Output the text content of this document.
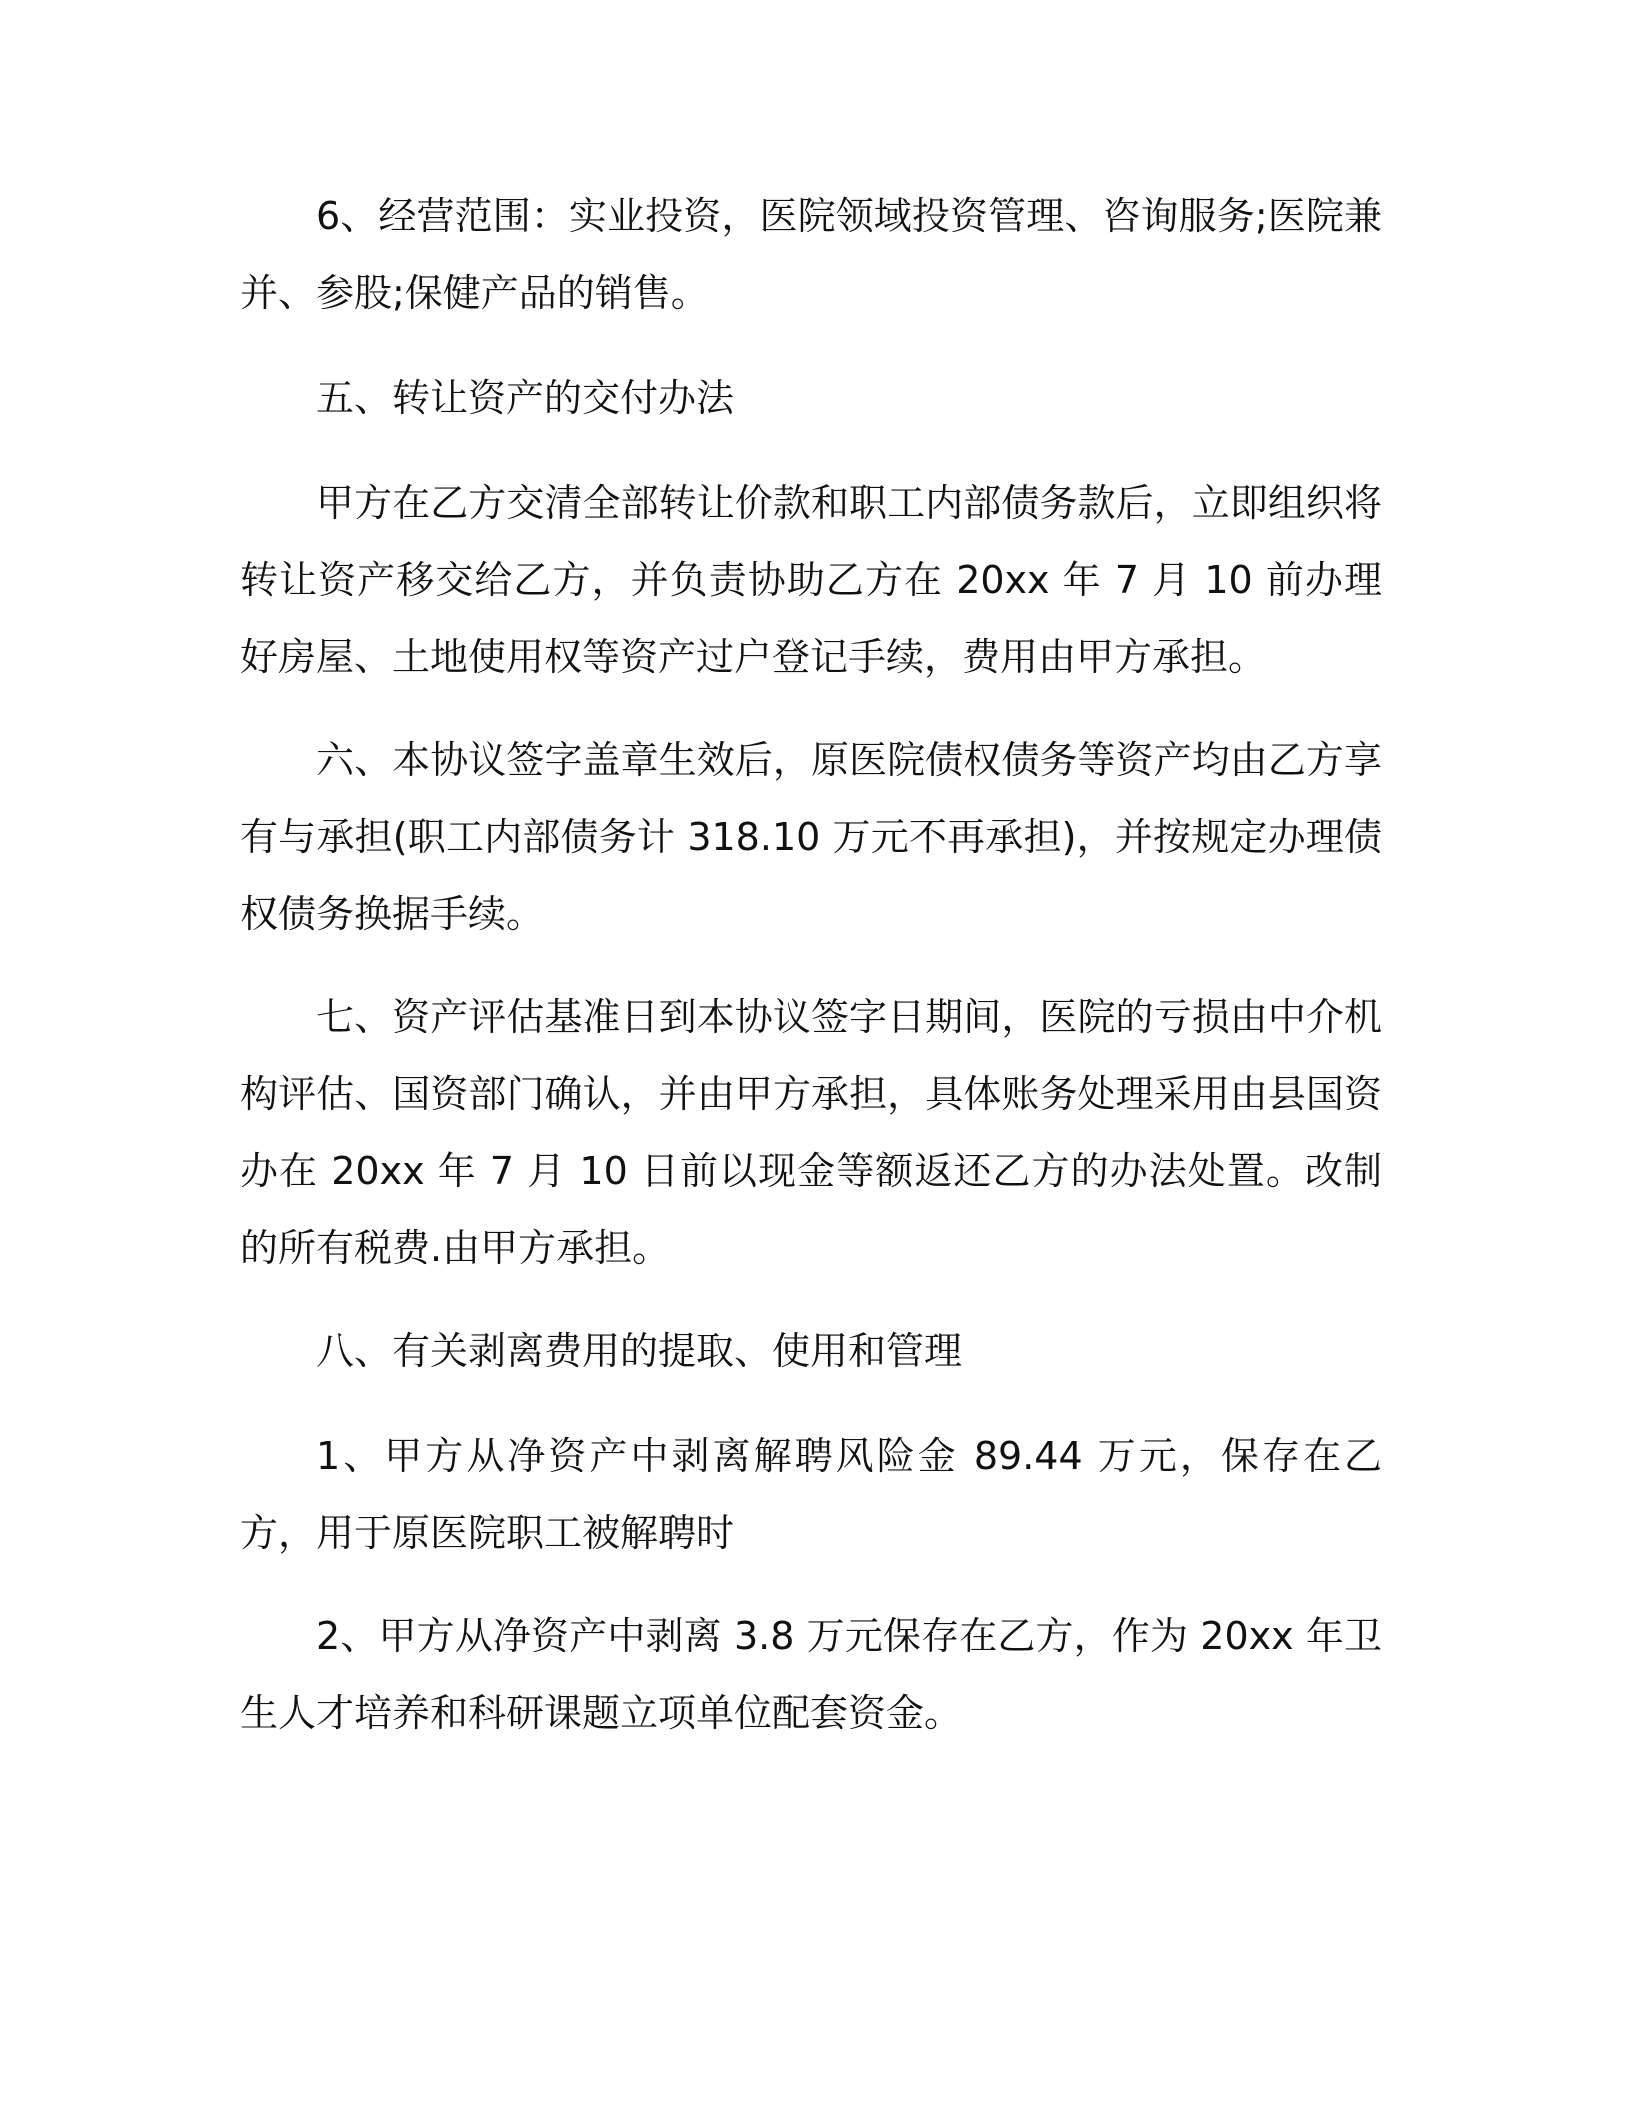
6、经营范围：实业投资，医院领域投资管理、咨询服务;医院兼并、参股;保健产品的销售。

五、转让资产的交付办法

甲方在乙方交清全部转让价款和职工内部债务款后，立即组织将转让资产移交给乙方，并负责协助乙方在 20xx 年 7 月 10 前办理好房屋、土地使用权等资产过户登记手续，费用由甲方承担。

六、本协议签字盖章生效后，原医院债权债务等资产均由乙方享有与承担(职工内部债务计 318.10 万元不再承担)，并按规定办理债权债务换据手续。

七、资产评估基准日到本协议签字日期间，医院的亏损由中介机构评估、国资部门确认，并由甲方承担，具体账务处理采用由县国资办在 20xx 年 7 月 10 日前以现金等额返还乙方的办法处置。改制的所有税费.由甲方承担。

八、有关剥离费用的提取、使用和管理

1、甲方从净资产中剥离解聘风险金 89.44 万元，保存在乙方，用于原医院职工被解聘时

2、甲方从净资产中剥离 3.8 万元保存在乙方，作为 20xx 年卫生人才培养和科研课题立项单位配套资金。
